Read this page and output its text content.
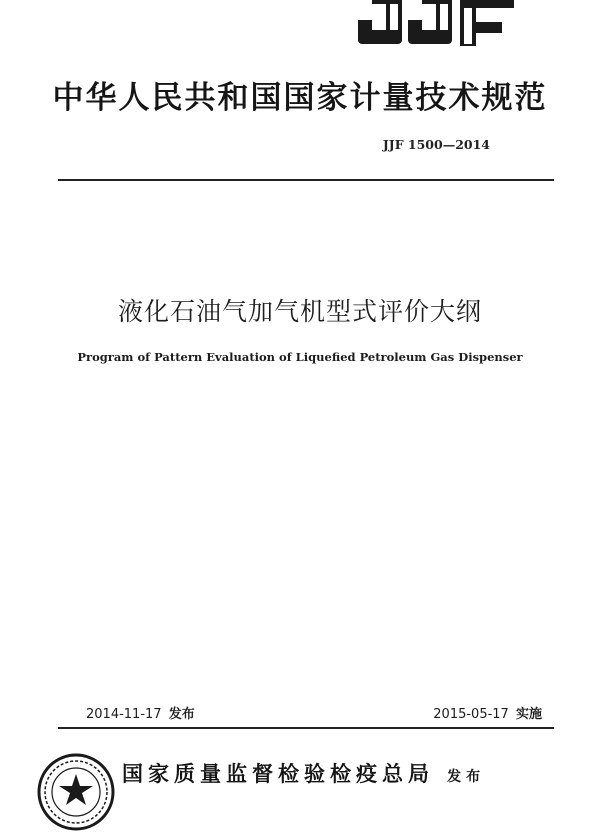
中华人民共和国国家计量技术规范
JJF 1500—2014
液化石油气加气机型式评价大纲
Program of Pattern Evaluation of Liquefied Petroleum Gas Dispenser
2014-11-17 发布	2015-05-17 实施
国家质量监督检验检疫总局 发布
